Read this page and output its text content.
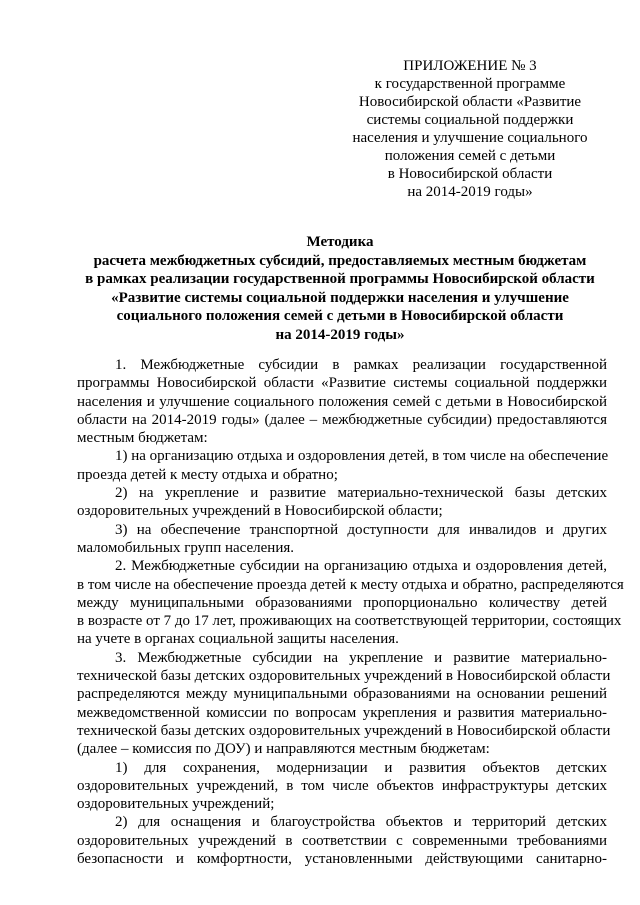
ПРИЛОЖЕНИЕ № 3
к государственной программе
Новосибирской области «Развитие
системы социальной поддержки
населения и улучшение социального
положения семей с детьми
в Новосибирской области
на 2014-2019 годы»
Методика
расчета межбюджетных субсидий, предоставляемых местным бюджетам
в рамках реализации государственной программы Новосибирской области
«Развитие системы социальной поддержки населения и улучшение
социального положения семей с детьми в Новосибирской области
на 2014-2019 годы»
1. Межбюджетные субсидии в рамках реализации государственной
программы Новосибирской области «Развитие системы социальной поддержки
населения и улучшение социального положения семей с детьми в Новосибирской
области на 2014-2019 годы» (далее – межбюджетные субсидии) предоставляются
местным бюджетам:
1) на организацию отдыха и оздоровления детей, в том числе на обеспечение
проезда детей к месту отдыха и обратно;
2) на укрепление и развитие материально-технической базы детских
оздоровительных учреждений в Новосибирской области;
3) на обеспечение транспортной доступности для инвалидов и других
маломобильных групп населения.
2. Межбюджетные субсидии на организацию отдыха и оздоровления детей,
в том числе на обеспечение проезда детей к месту отдыха и обратно, распределяются
между муниципальными образованиями пропорционально количеству детей
в возрасте от 7 до 17 лет, проживающих на соответствующей территории, состоящих
на учете в органах социальной защиты населения.
3. Межбюджетные субсидии на укрепление и развитие материально-
технической базы детских оздоровительных учреждений в Новосибирской области
распределяются между муниципальными образованиями на основании решений
межведомственной комиссии по вопросам укрепления и развития материально-
технической базы детских оздоровительных учреждений в Новосибирской области
(далее – комиссия по ДОУ) и направляются местным бюджетам:
1) для сохранения, модернизации и развития объектов детских
оздоровительных учреждений, в том числе объектов инфраструктуры детских
оздоровительных учреждений;
2) для оснащения и благоустройства объектов и территорий детских
оздоровительных учреждений в соответствии с современными требованиями
безопасности и комфортности, установленными действующими санитарно-
